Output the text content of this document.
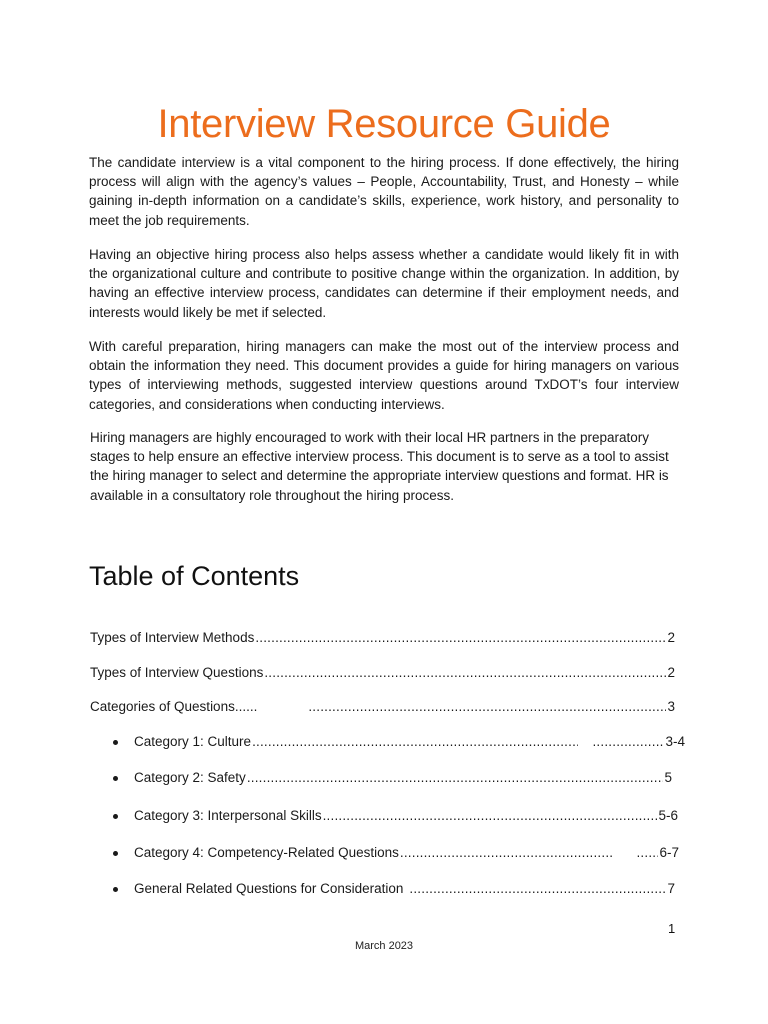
Interview Resource Guide

The candidate interview is a vital component to the hiring process. If done effectively, the hiring process will align with the agency’s values – People, Accountability, Trust, and Honesty – while gaining in-depth information on a candidate’s skills, experience, work history, and personality to meet the job requirements.

Having an objective hiring process also helps assess whether a candidate would likely fit in with the organizational culture and contribute to positive change within the organization. In addition, by having an effective interview process, candidates can determine if their employment needs, and interests would likely be met if selected.

With careful preparation, hiring managers can make the most out of the interview process and obtain the information they need. This document provides a guide for hiring managers on various types of interviewing methods, suggested interview questions around TxDOT’s four interview categories, and considerations when conducting interviews.

Hiring managers are highly encouraged to work with their local HR partners in the preparatory stages to help ensure an effective interview process. This document is to serve as a tool to assist the hiring manager to select and determine the appropriate interview questions and format. HR is available in a consultatory role throughout the hiring process.

Table of Contents
Types of Interview Methods .....	2
Types of Interview Questions .....	2
Categories of Questions...... .....	3
Category 1: Culture ..... .....	3-4
Category 2: Safety .....	5
Category 3: Interpersonal Skills .....	5-6
Category 4: Competency-Related Questions ..... .....	6-7
General Related Questions for Consideration .....	7
1
March 2023
